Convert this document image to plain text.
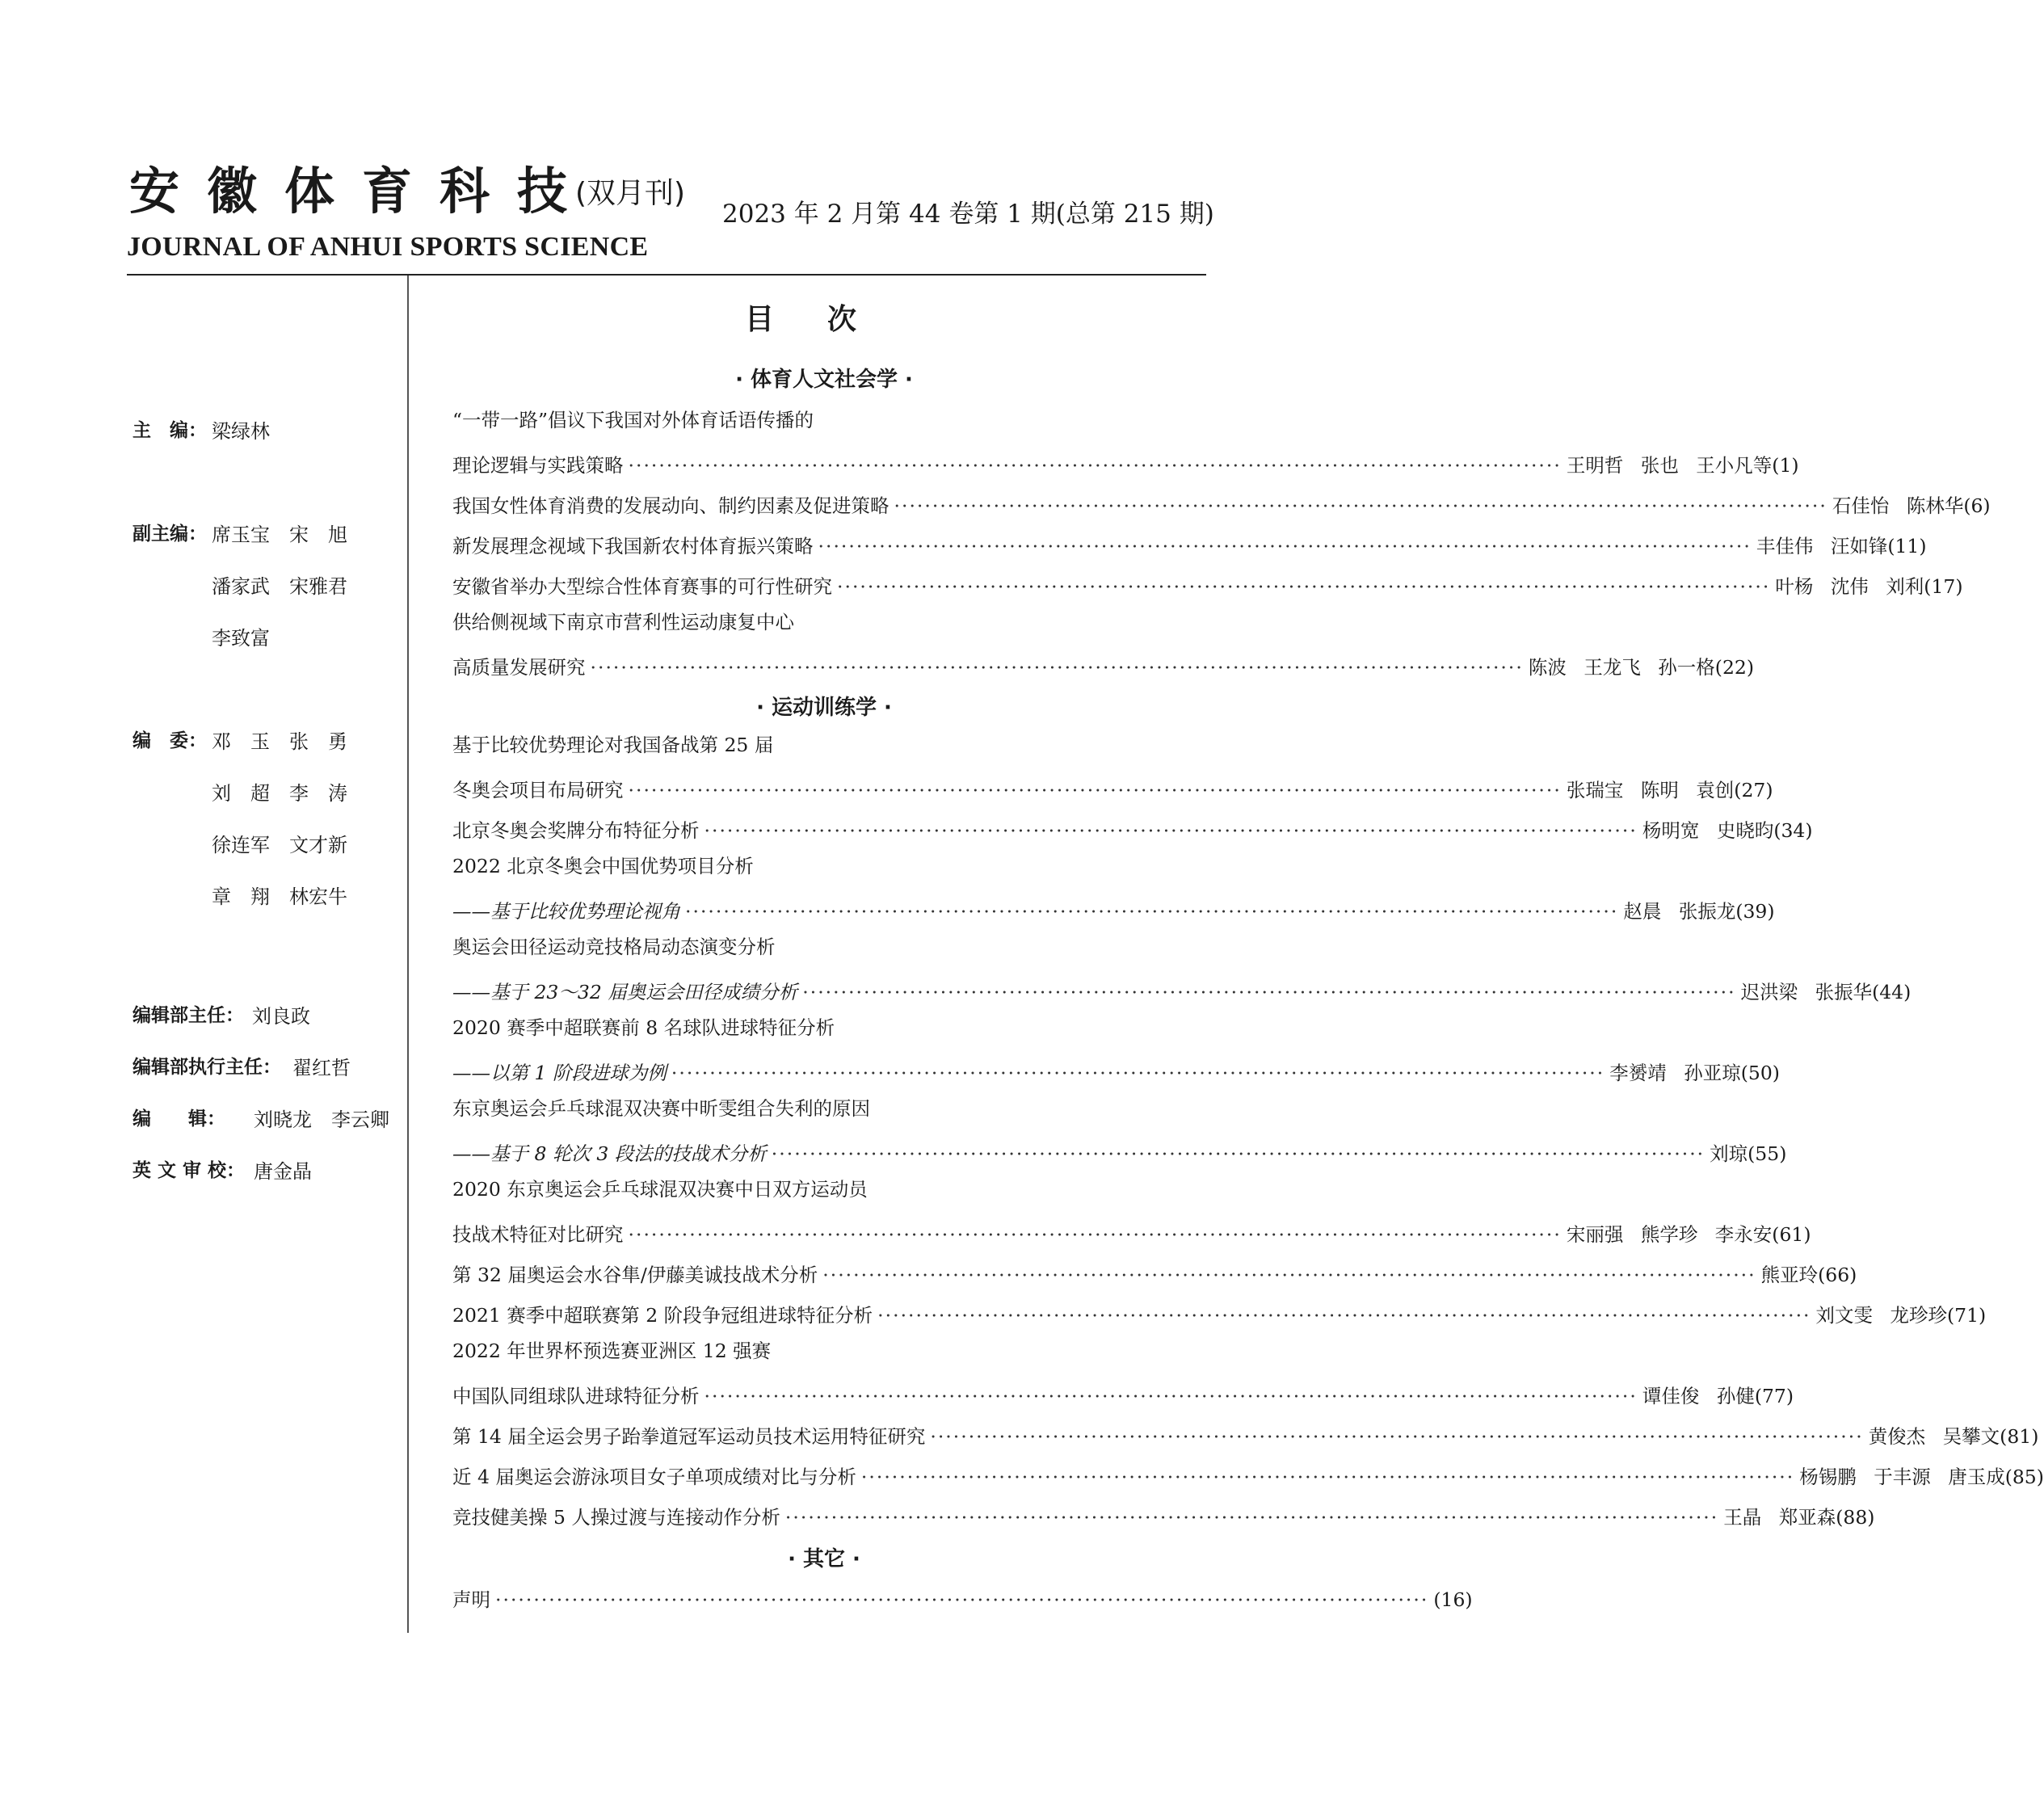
安徽体育科技
(双月刊)
2023 年 2 月第 44 卷第 1 期(总第 215 期)
JOURNAL OF ANHUI SPORTS SCIENCE
主　编： 梁绿林
副主编： 席玉宝　宋　旭
潘家武　宋雅君
李致富
编　委： 邓　玉　张　勇
刘　超　李　涛
徐连军　文才新
章　翔　林宏牛
编辑部主任： 刘良政
编辑部执行主任： 翟红哲
编　　辑： 刘晓龙　李云卿
英 文 审 校： 唐金晶
目次
· 体育人文社会学 ·
“一带一路”倡议下我国对外体育话语传播的
理论逻辑与实践策略 ·························································································································· 王明哲 张也 王小凡等(1)
我国女性体育消费的发展动向、制约因素及促进策略 ·························································································································· 石佳怡 陈林华(6)
新发展理念视域下我国新农村体育振兴策略 ·························································································································· 丰佳伟 汪如锋(11)
安徽省举办大型综合性体育赛事的可行性研究 ·························································································································· 叶杨 沈伟 刘利(17)
供给侧视域下南京市营利性运动康复中心
高质量发展研究 ·························································································································· 陈波 王龙飞 孙一格(22)
· 运动训练学 ·
基于比较优势理论对我国备战第 25 届
冬奥会项目布局研究 ·························································································································· 张瑞宝 陈明 袁创(27)
北京冬奥会奖牌分布特征分析 ·························································································································· 杨明宽 史晓昀(34)
2022 北京冬奥会中国优势项目分析
——基于比较优势理论视角 ·························································································································· 赵晨 张振龙(39)
奥运会田径运动竞技格局动态演变分析
——基于 23～32 届奥运会田径成绩分析 ·························································································································· 迟洪梁 张振华(44)
2020 赛季中超联赛前 8 名球队进球特征分析
——以第 1 阶段进球为例 ·························································································································· 李赟靖 孙亚琼(50)
东京奥运会乒乓球混双决赛中昕雯组合失利的原因
——基于 8 轮次 3 段法的技战术分析 ·························································································································· 刘琼(55)
2020 东京奥运会乒乓球混双决赛中日双方运动员
技战术特征对比研究 ·························································································································· 宋丽强 熊学珍 李永安(61)
第 32 届奥运会水谷隼/伊藤美诚技战术分析 ·························································································································· 熊亚玲(66)
2021 赛季中超联赛第 2 阶段争冠组进球特征分析 ·························································································································· 刘文雯 龙珍珍(71)
2022 年世界杯预选赛亚洲区 12 强赛
中国队同组球队进球特征分析 ·························································································································· 谭佳俊 孙健(77)
第 14 届全运会男子跆拳道冠军运动员技术运用特征研究 ·························································································································· 黄俊杰 吴攀文(81)
近 4 届奥运会游泳项目女子单项成绩对比与分析 ·························································································································· 杨锡鹏 于丰源 唐玉成(85)
竞技健美操 5 人操过渡与连接动作分析 ·························································································································· 王晶 郑亚森(88)
· 其它 ·
声明 ·························································································································· (16)
